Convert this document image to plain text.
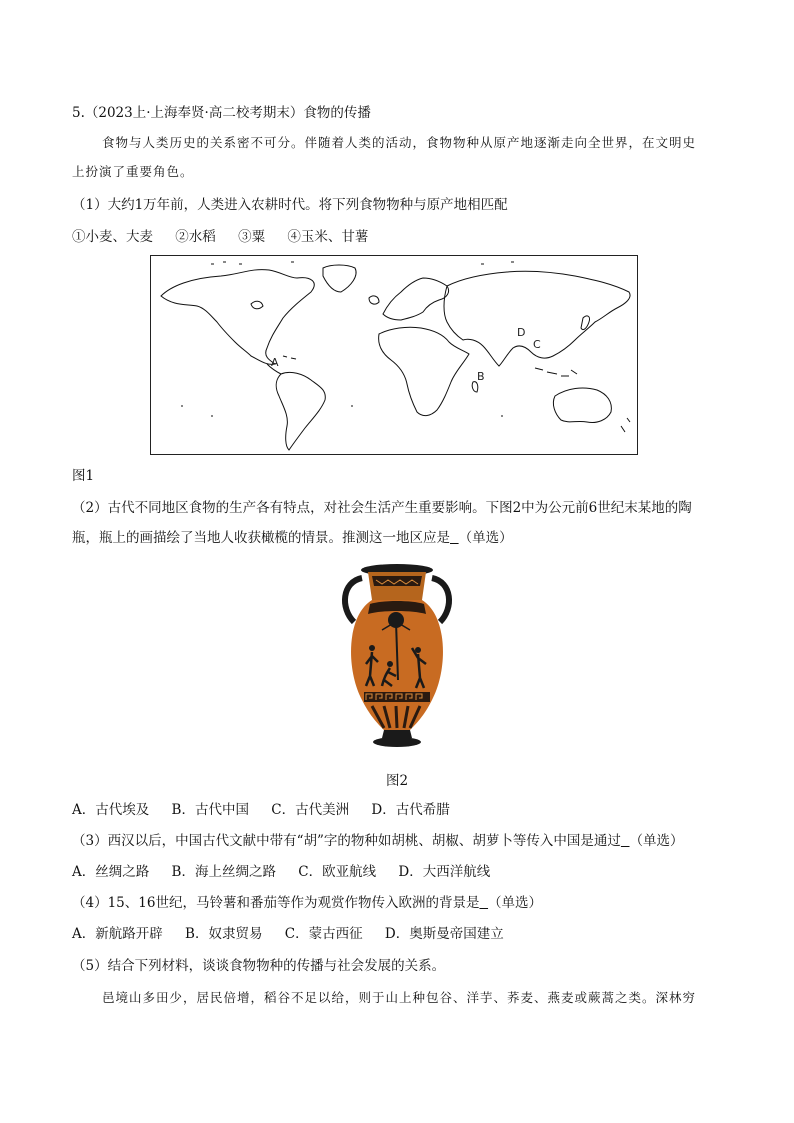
5.（2023上·上海奉贤·高二校考期末）食物的传播
食物与人类历史的关系密不可分。伴随着人类的活动，食物物种从原产地逐渐走向全世界，在文明史
上扮演了重要角色。
（1）大约1万年前，人类进入农耕时代。将下列食物物种与原产地相匹配
①小麦、大麦 ②水稻 ③粟 ④玉米、甘薯
A
B
C
D
图1
（2）古代不同地区食物的生产各有特点，对社会生活产生重要影响。下图2中为公元前6世纪末某地的陶
瓶，瓶上的画描绘了当地人收获橄榄的情景。推测这一地区应是 （单选）
图2
A．古代埃及 B．古代中国 C．古代美洲 D．古代希腊
（3）西汉以后，中国古代文献中带有“胡”字的物种如胡桃、胡椒、胡萝卜等传入中国是通过 （单选）
A．丝绸之路 B．海上丝绸之路 C．欧亚航线 D．大西洋航线
（4）15、16世纪，马铃薯和番茄等作为观赏作物传入欧洲的背景是 （单选）
A．新航路开辟 B．奴隶贸易 C．蒙古西征 D．奥斯曼帝国建立
（5）结合下列材料，谈谈食物物种的传播与社会发展的关系。
邑境山多田少，居民倍增，稻谷不足以给，则于山上种包谷、洋芋、荞麦、燕麦或蕨蒿之类。深林穷
